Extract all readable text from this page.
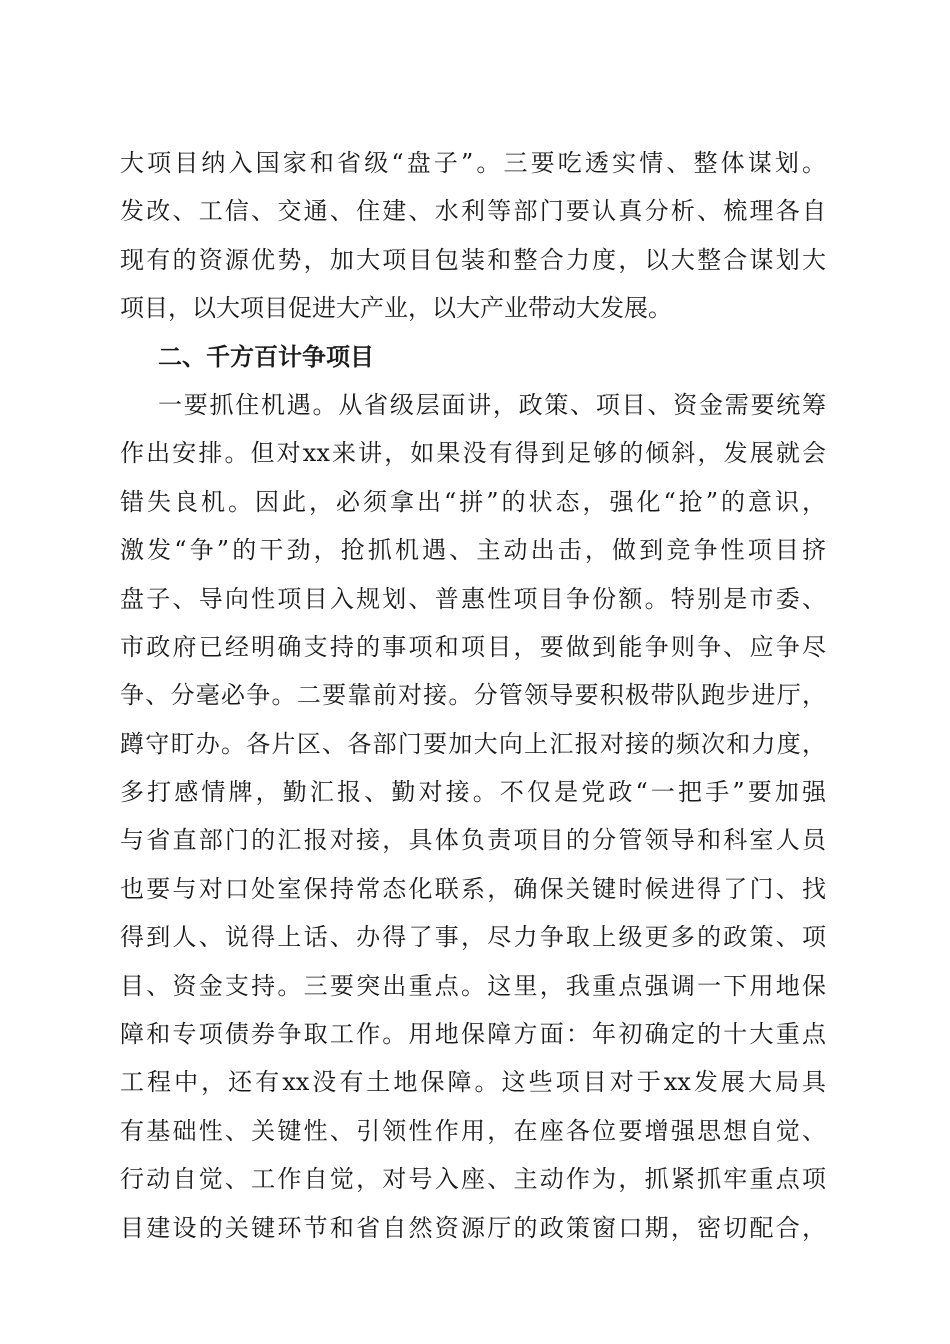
大项目纳入国家和省级“盘子”。三要吃透实情、整体谋划。
发改、工信、交通、住建、水利等部门要认真分析、梳理各自
现有的资源优势，加大项目包装和整合力度，以大整合谋划大
项目，以大项目促进大产业，以大产业带动大发展。
二、千方百计争项目
一要抓住机遇。从省级层面讲，政策、项目、资金需要统筹
作出安排。但对xx来讲，如果没有得到足够的倾斜，发展就会
错失良机。因此，必须拿出“拼”的状态，强化“抢”的意识，
激发“争”的干劲，抢抓机遇、主动出击，做到竞争性项目挤
盘子、导向性项目入规划、普惠性项目争份额。特别是市委、
市政府已经明确支持的事项和项目，要做到能争则争、应争尽
争、分毫必争。二要靠前对接。分管领导要积极带队跑步进厅，
蹲守盯办。各片区、各部门要加大向上汇报对接的频次和力度，
多打感情牌，勤汇报、勤对接。不仅是党政“一把手”要加强
与省直部门的汇报对接，具体负责项目的分管领导和科室人员
也要与对口处室保持常态化联系，确保关键时候进得了门、找
得到人、说得上话、办得了事，尽力争取上级更多的政策、项
目、资金支持。三要突出重点。这里，我重点强调一下用地保
障和专项债券争取工作。用地保障方面：年初确定的十大重点
工程中，还有xx没有土地保障。这些项目对于xx发展大局具
有基础性、关键性、引领性作用，在座各位要增强思想自觉、
行动自觉、工作自觉，对号入座、主动作为，抓紧抓牢重点项
目建设的关键环节和省自然资源厅的政策窗口期，密切配合，
